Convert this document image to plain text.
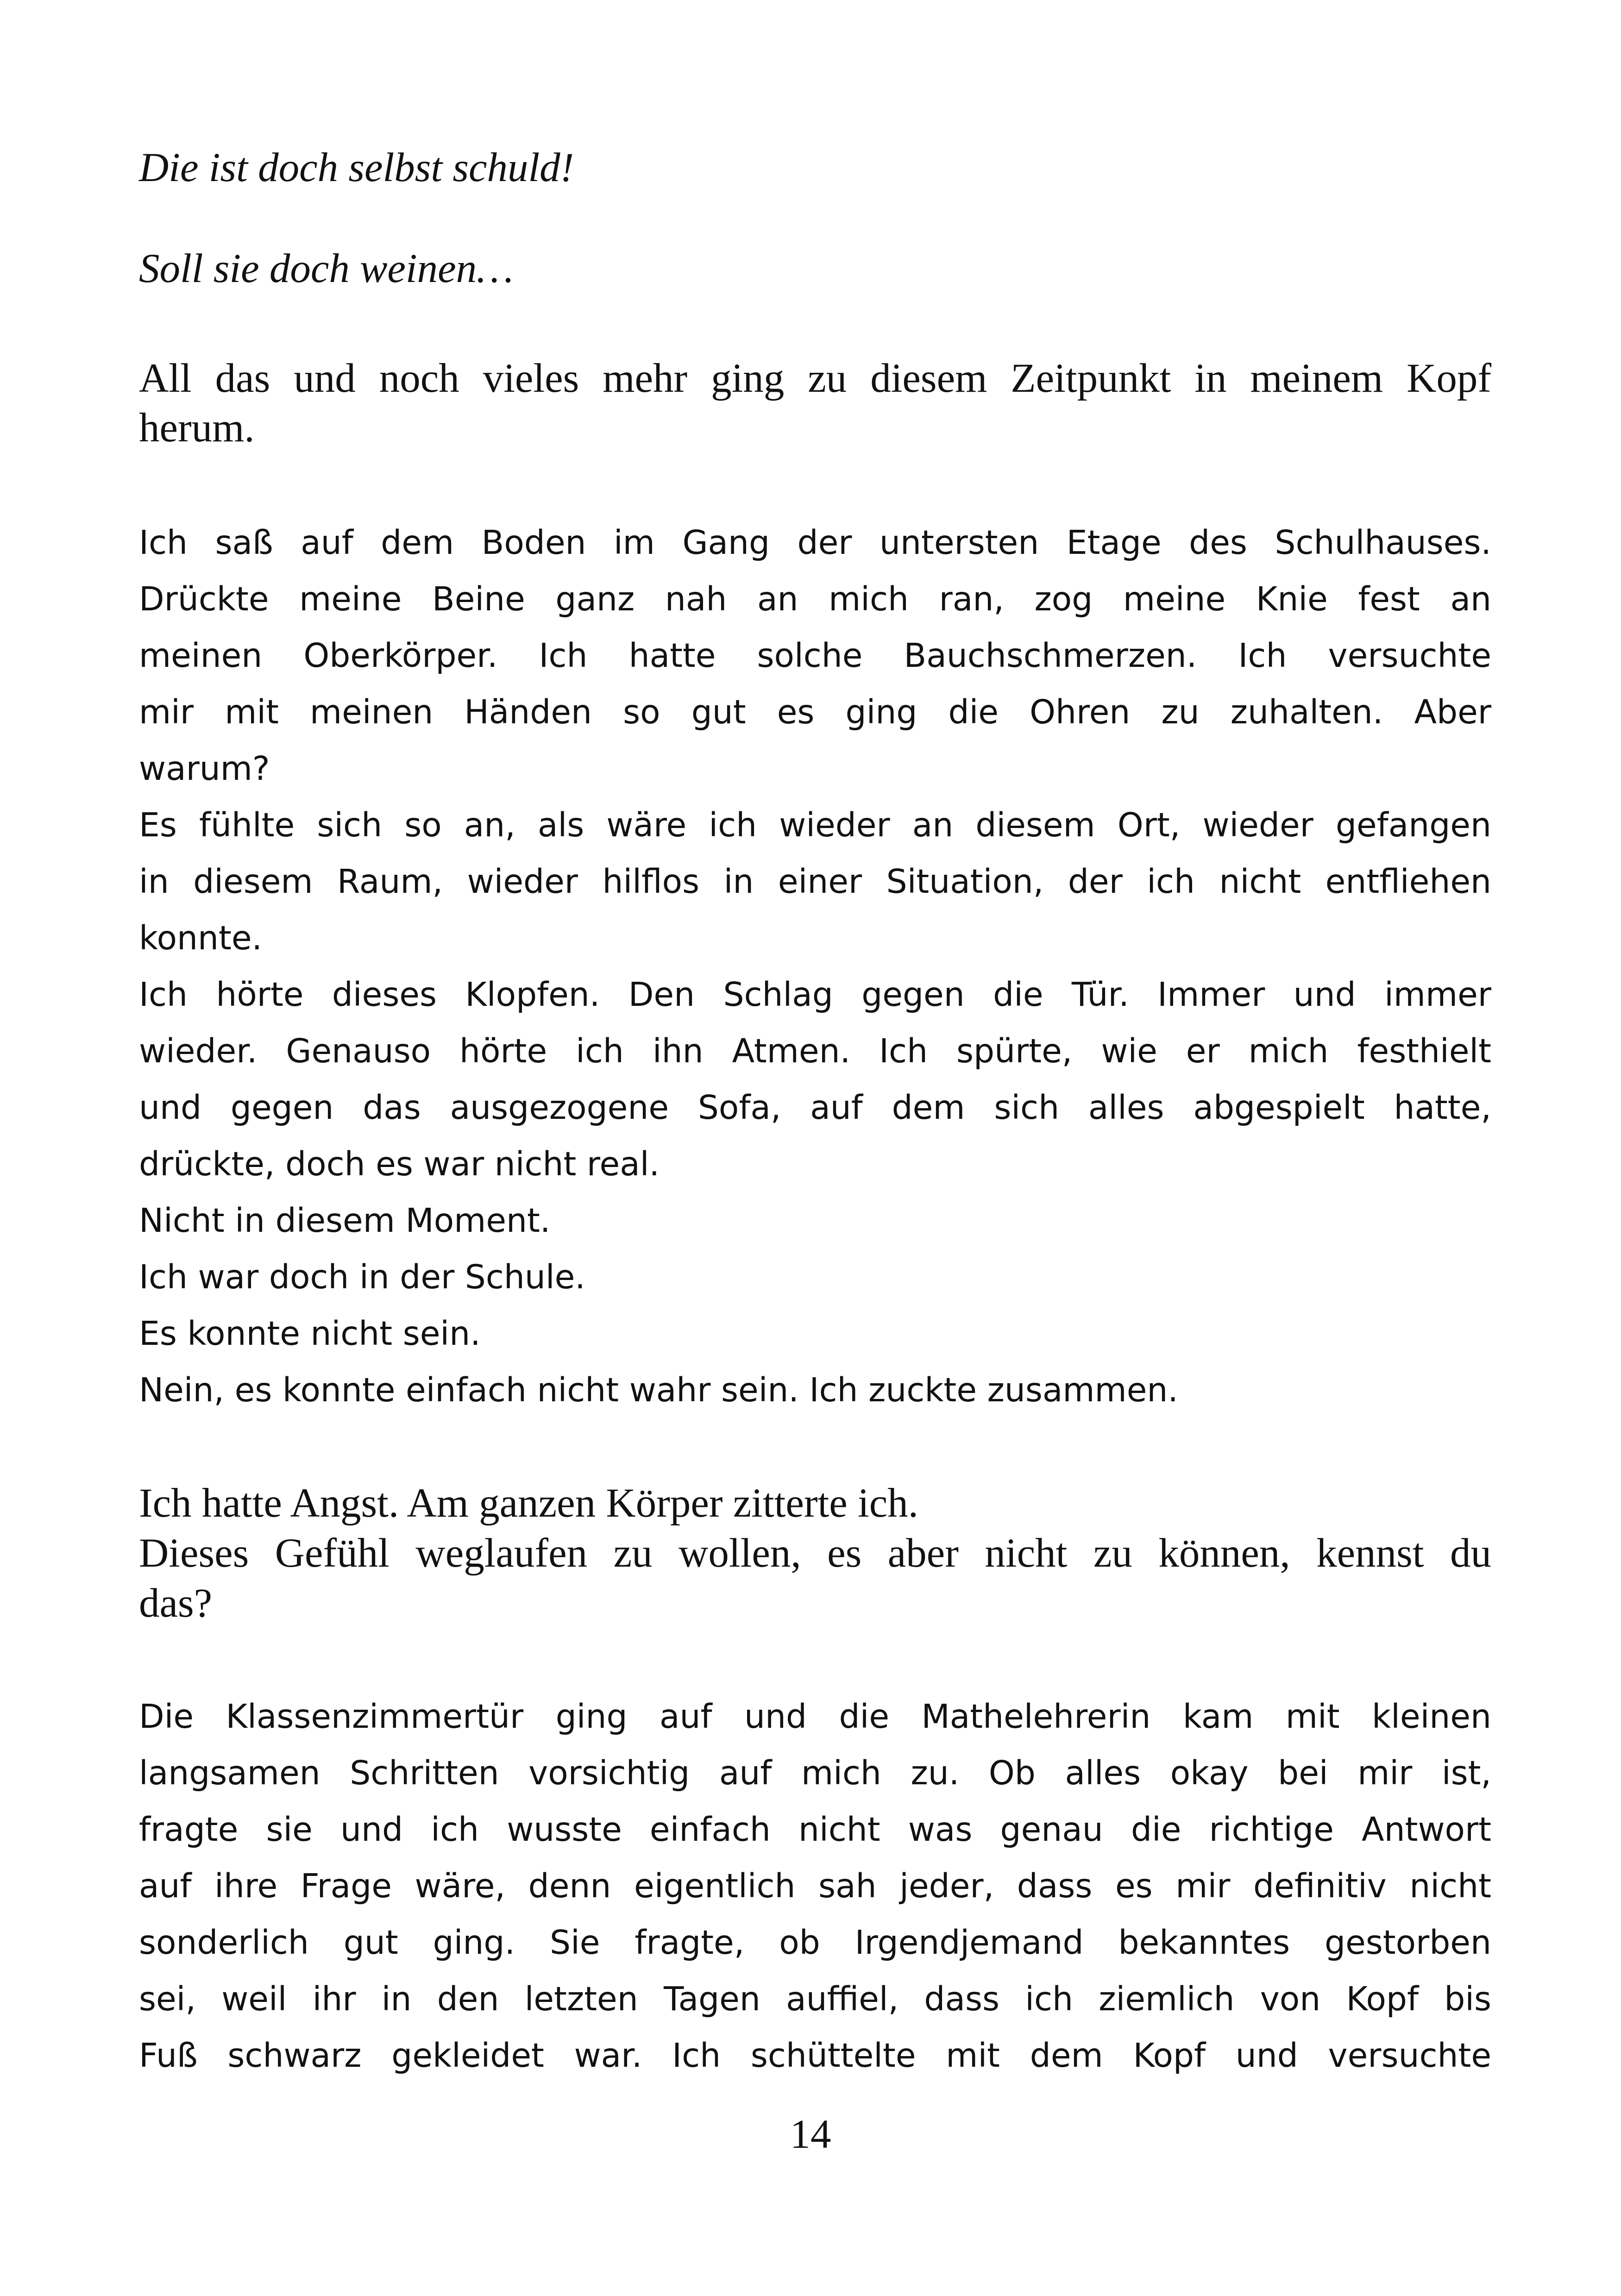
Die ist doch selbst schuld!

Soll sie doch weinen…

All das und noch vieles mehr ging zu diesem Zeitpunkt in meinem Kopf

herum.

Ich saß auf dem Boden im Gang der untersten Etage des Schulhauses.

Drückte meine Beine ganz nah an mich ran, zog meine Knie fest an

meinen Oberkörper. Ich hatte solche Bauchschmerzen. Ich versuchte

mir mit meinen Händen so gut es ging die Ohren zu zuhalten. Aber

warum?

Es fühlte sich so an, als wäre ich wieder an diesem Ort, wieder gefangen

in diesem Raum, wieder hilflos in einer Situation, der ich nicht entfliehen

konnte.

Ich hörte dieses Klopfen. Den Schlag gegen die Tür. Immer und immer

wieder. Genauso hörte ich ihn Atmen. Ich spürte, wie er mich festhielt

und gegen das ausgezogene Sofa, auf dem sich alles abgespielt hatte,

drückte, doch es war nicht real.

Nicht in diesem Moment.

Ich war doch in der Schule.

Es konnte nicht sein.

Nein, es konnte einfach nicht wahr sein. Ich zuckte zusammen.

Ich hatte Angst. Am ganzen Körper zitterte ich.

Dieses Gefühl weglaufen zu wollen, es aber nicht zu können, kennst du

das?

Die Klassenzimmertür ging auf und die Mathelehrerin kam mit kleinen

langsamen Schritten vorsichtig auf mich zu. Ob alles okay bei mir ist,

fragte sie und ich wusste einfach nicht was genau die richtige Antwort

auf ihre Frage wäre, denn eigentlich sah jeder, dass es mir definitiv nicht

sonderlich gut ging. Sie fragte, ob Irgendjemand bekanntes gestorben

sei, weil ihr in den letzten Tagen auffiel, dass ich ziemlich von Kopf bis

Fuß schwarz gekleidet war. Ich schüttelte mit dem Kopf und versuchte

14
